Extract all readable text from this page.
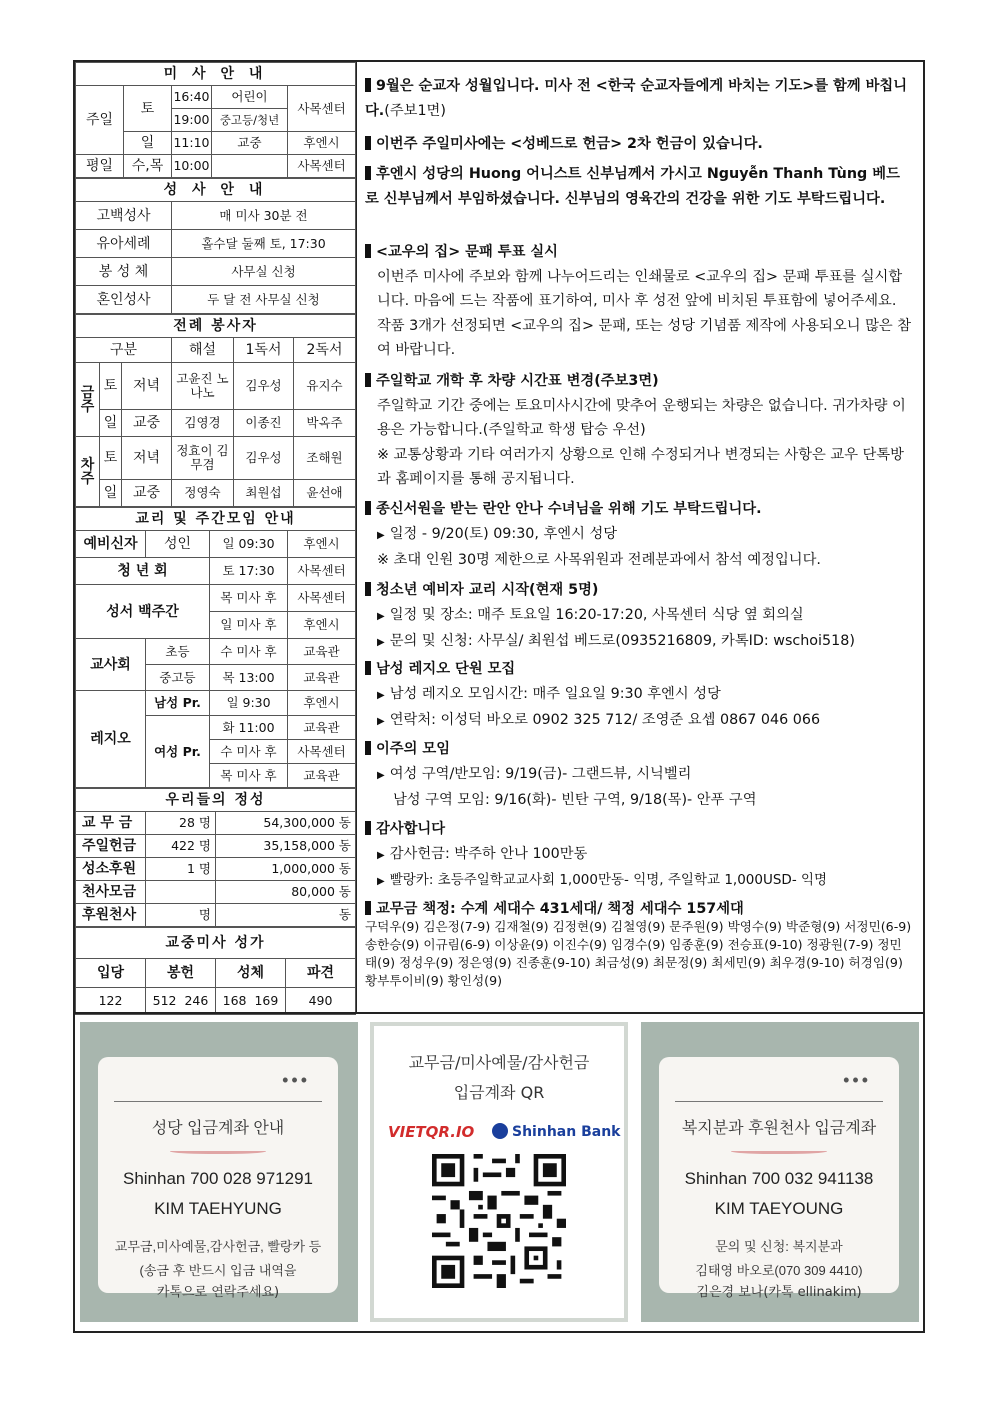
미 사 안 내				
주일	토	16:40	어린이	사목센터
		19:00	중고등/청년	
	일	11:10	교중	후엔시
평일	수,목	10:00		사목센터
성 사 안 내	
고백성사	매 미사 30분 전
유아세례	홀수달 둘째 토, 17:30
봉 성 체	사무실 신청
혼인성사	두 달 전 사무실 신청
전례 봉사자					
구분			해설	1독서	2독서
금주	토	저녁	고윤진 노나노	김우성	유지수
	일	교중	김영경	이종진	박옥주
차주	토	저녁	정효이 김무겸	김우성	조해원
	일	교중	정영숙	최원섭	윤선애
교리 및 주간모임 안내			
예비신자	성인	일 09:30	후엔시
청 년 회		토 17:30	사목센터
성서 백주간		목 미사 후	사목센터
		일 미사 후	후엔시
교사회	초등	수 미사 후	교육관
	중고등	목 13:00	교육관
레지오	남성 Pr.	일 9:30	후엔시
	여성 Pr.	화 11:00	교육관
		수 미사 후	사목센터
		목 미사 후	교육관
우리들의 정성		
교 무 금	28 명	54,300,000 동
주일헌금	422 명	35,158,000 동
성소후원	1 명	1,000,000 동
천사모금		80,000 동
후원천사	명	동
교중미사 성가			
입당	봉헌	성체	파견
122	512  246	168  169	490
9월은 순교자 성월입니다. 미사 전 <한국 순교자들에게 바치는 기도>를 함께 바칩니다.(주보1면)
이번주 주일미사에는 <성베드로 헌금> 2차 헌금이 있습니다.
후엔시 성당의 Huong 어니스트 신부님께서 가시고 Nguyễn Thanh Tùng 베드로 신부님께서 부임하셨습니다. 신부님의 영육간의 건강을 위한 기도 부탁드립니다.
<교우의 집> 문패 투표 실시
이번주 미사에 주보와 함께 나누어드리는 인쇄물로 <교우의 집> 문패 투표를 실시합니다. 마음에 드는 작품에 표기하여, 미사 후 성전 앞에 비치된 투표함에 넣어주세요. 작품 3개가 선정되면 <교우의 집> 문패, 또는 성당 기념품 제작에 사용되오니 많은 참여 바랍니다.
주일학교 개학 후 차량 시간표 변경(주보3면)
주일학교 기간 중에는 토요미사시간에 맞추어 운행되는 차량은 없습니다. 귀가차량 이용은 가능합니다.(주일학교 학생 탑승 우선)
※ 교통상황과 기타 여러가지 상황으로 인해 수정되거나 변경되는 사항은 교우 단톡방과 홈페이지를 통해 공지됩니다.
종신서원을 받는 란안 안나 수녀님을 위해 기도 부탁드립니다.
▶ 일정 - 9/20(토) 09:30, 후엔시 성당
※ 초대 인원 30명 제한으로 사목위원과 전례분과에서 참석 예정입니다.
청소년 예비자 교리 시작(현재 5명)
▶ 일정 및 장소: 매주 토요일 16:20-17:20, 사목센터 식당 옆 회의실
▶ 문의 및 신청: 사무실/ 최원섭 베드로(0935216809, 카톡ID: wschoi518)
남성 레지오 단원 모집
▶ 남성 레지오 모임시간: 매주 일요일 9:30 후엔시 성당
▶ 연락처: 이성덕 바오로 0902 325 712/ 조영준 요셉 0867 046 066
이주의 모임
▶ 여성 구역/반모임: 9/19(금)- 그랜드뷰, 시닉벨리
남성 구역 모임: 9/16(화)- 빈탄 구역, 9/18(목)- 안푸 구역
감사합니다
▶ 감사헌금: 박주하 안나 100만동
▶ 빨랑카: 초등주일학교교사회 1,000만동- 익명, 주일학교 1,000USD- 익명
교무금 책정: 수계 세대수 431세대/ 책정 세대수 157세대
구덕우(9) 김은정(7-9) 김재철(9) 김정현(9) 김철영(9) 문주원(9) 박영수(9) 박준형(9) 서정민(6-9) 송한승(9) 이규림(6-9) 이상윤(9) 이진수(9) 임경수(9) 임종훈(9) 전승표(9-10) 정광원(7-9) 정민태(9) 정성우(9) 정은영(9) 진종훈(9-10) 최금성(9) 최문정(9) 최세민(9) 최우경(9-10) 허경임(9) 황부투이비(9) 황인성(9)
•••
성당 입금계좌 안내
Shinhan 700 028 971291
KIM TAEHYUNG
교무금,미사예물,감사헌금, 빨랑카 등
(송금 후 반드시 입금 내역을
교무금/미사예물/감사헌금
입금계좌 QR
VIETQR.IO	Shinhan Bank
•••
복지분과 후원천사 입금계좌
Shinhan 700 032 941138
KIM TAEYOUNG
문의 및 신청: 복지분과
김태영 바오로(070 309 4410)
카톡으로 연락주세요)	김은경 보나(카톡 ellinakim)
